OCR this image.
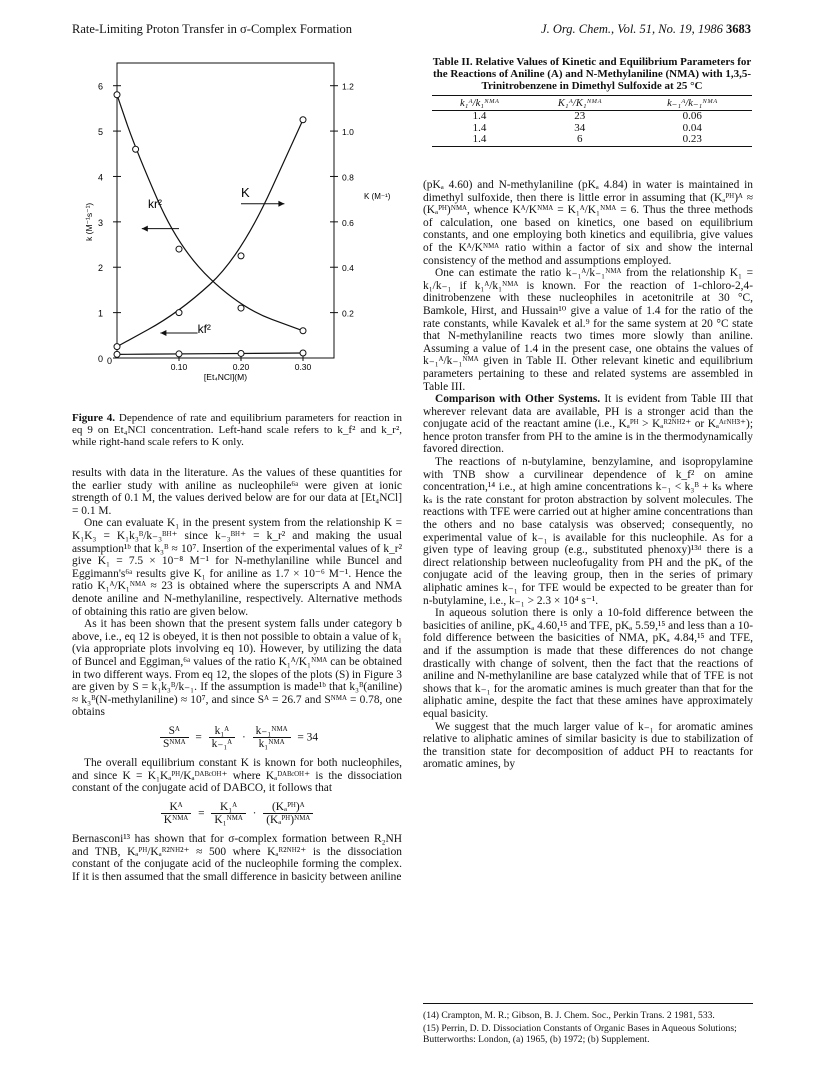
Rate-Limiting Proton Transfer in σ-Complex Formation	J. Org. Chem., Vol. 51, No. 19, 1986 3683
6
5
4
3
2
1
0
1.2
1.0
0.8
0.6
0.4
0.2
0.10	0.20	0.30
0
[Et₄NCl](M)
k (M⁻¹s⁻¹)
K (M⁻¹)
kr²
K
kf²
Figure 4. Dependence of rate and equilibrium parameters for reaction in eq 9 on Et₄NCl concentration. Left-hand scale refers to k_f² and k_r², while right-hand scale refers to K only.
Table II. Relative Values of Kinetic and Equilibrium Parameters for the Reactions of Aniline (A) and N-Methylaniline (NMA) with 1,3,5-Trinitrobenzene in Dimethyl Sulfoxide at 25 °C
k₁ᴬ/k₁ᴺᴹᴬ	K₁ᴬ/K₁ᴺᴹᴬ	k₋₁ᴬ/k₋₁ᴺᴹᴬ
1.4	23	0.06
1.4	34	0.04
1.4	6	0.23

results with data in the literature. As the values of these quantities for the earlier study with aniline as nucleophile⁶ᵃ were given at ionic strength of 0.1 M, the values derived below are for our data at [Et₄NCl] = 0.1 M.

One can evaluate K₁ in the present system from the relationship K = K₁K₃ = K₁k₃ᴮ/k₋₃ᴮᴴ⁺ since k₋₃ᴮᴴ⁺ = k_r² and making the usual assumption¹ᵇ that k₃ᴮ ≈ 10⁷. Insertion of the experimental values of k_r² give K₁ = 7.5 × 10⁻⁸ M⁻¹ for N-methylaniline while Buncel and Eggimann's⁶ᵃ results give K₁ for aniline as 1.7 × 10⁻⁶ M⁻¹. Hence the ratio K₁ᴬ/K₁ᴺᴹᴬ ≈ 23 is obtained where the superscripts A and NMA denote aniline and N-methylaniline, respectively. Alternative methods of obtaining this ratio are given below.

As it has been shown that the present system falls under category b above, i.e., eq 12 is obeyed, it is then not possible to obtain a value of k₁ (via appropriate plots involving eq 10). However, by utilizing the data of Buncel and Eggiman,⁶ᵃ values of the ratio K₁ᴬ/K₁ᴺᴹᴬ can be obtained in two different ways. From eq 12, the slopes of the plots (S) in Figure 3 are given by S = k₁k₃ᴮ/k₋₁. If the assumption is made¹ᵇ that k₃ᴮ(aniline) ≈ k₃ᴮ(N-methylaniline) ≈ 10⁷, and since Sᴬ = 26.7 and Sᴺᴹᴬ = 0.78, one obtains

$\frac{\text{Sᴬ}}{\text{Sᴺᴹᴬ}} = \frac{\text{k₁ᴬ}}{\text{k₋₁ᴬ}} \cdot \frac{\text{k₋₁ᴺᴹᴬ}}{\text{k₁ᴺᴹᴬ}} = 34$

The overall equilibrium constant K is known for both nucleophiles, and since K = K₁Kₐᴾᴴ/Kₐᴰᴬᴮᶜᴼᴴ⁺ where Kₐᴰᴬᴮᶜᴼᴴ⁺ is the dissociation constant of the conjugate acid of DABCO, it follows that

$\frac{\text{Kᴬ}}{\text{Kᴺᴹᴬ}} = \frac{\text{K₁ᴬ}}{\text{K₁ᴺᴹᴬ}} \cdot \frac{\text{(Kₐᴾᴴ)ᴬ}}{\text{(Kₐᴾᴴ)ᴺᴹᴬ}}$

Bernasconi¹³ has shown that for σ-complex formation between R₂NH and TNB, Kₐᴾᴴ/Kₐᴿ²ᴺᴴ²⁺ ≈ 500 where Kₐᴿ²ᴺᴴ²⁺ is the dissociation constant of the conjugate acid of the nucleophile forming the complex. If it is then assumed that the small difference in basicity between aniline

(pKₐ 4.60) and N-methylaniline (pKₐ 4.84) in water is maintained in dimethyl sulfoxide, then there is little error in assuming that (Kₐᴾᴴ)ᴬ ≈ (Kₐᴾᴴ)ᴺᴹᴬ, whence Kᴬ/Kᴺᴹᴬ = K₁ᴬ/K₁ᴺᴹᴬ = 6. Thus the three methods of calculation, one based on kinetics, one based on equilibrium constants, and one employing both kinetics and equilibria, give values of the Kᴬ/Kᴺᴹᴬ ratio within a factor of six and show the internal consistency of the method and assumptions employed.

One can estimate the ratio k₋₁ᴬ/k₋₁ᴺᴹᴬ from the relationship K₁ = k₁/k₋₁ if k₁ᴬ/k₁ᴺᴹᴬ is known. For the reaction of 1-chloro-2,4-dinitrobenzene with these nucleophiles in acetonitrile at 30 °C, Bamkole, Hirst, and Hussain¹⁰ give a value of 1.4 for the ratio of the rate constants, while Kavalek et al.⁹ for the same system at 20 °C state that N-methylaniline reacts two times more slowly than aniline. Assuming a value of 1.4 in the present case, one obtains the values of k₋₁ᴬ/k₋₁ᴺᴹᴬ given in Table II. Other relevant kinetic and equilibrium parameters pertaining to these and related systems are assembled in Table III.

Comparison with Other Systems. It is evident from Table III that wherever relevant data are available, PH is a stronger acid than the conjugate acid of the reactant amine (i.e., Kₐᴾᴴ > Kₐᴿ²ᴺᴴ²⁺ or Kₐᴬʳᴺᴴ³⁺); hence proton transfer from PH to the amine is in the thermodynamically favored direction.

The reactions of n-butylamine, benzylamine, and isopropylamine with TNB show a curvilinear dependence of k_f² on amine concentration,¹⁴ i.e., at high amine concentrations k₋₁ < k₃ᴮ + kₛ where kₛ is the rate constant for proton abstraction by solvent molecules. The reactions with TFE were carried out at higher amine concentrations than the others and no base catalysis was observed; consequently, no experimental value of k₋₁ is available for this nucleophile. As for a given type of leaving group (e.g., substituted phenoxy)¹³ᵈ there is a direct relationship between nucleofugality from PH and the pKₐ of the conjugate acid of the leaving group, then in the series of primary aliphatic amines k₋₁ for TFE would be expected to be greater than for n-butylamine, i.e., k₋₁ > 2.3 × 10⁴ s⁻¹.

In aqueous solution there is only a 10-fold difference between the basicities of aniline, pKₐ 4.60,¹⁵ and TFE, pKₐ 5.59,¹⁵ and less than a 10-fold difference between the basicities of NMA, pKₐ 4.84,¹⁵ and TFE, and if the assumption is made that these differences do not change drastically with change of solvent, then the fact that the reactions of aniline and N-methylaniline are base catalyzed while that of TFE is not shows that k₋₁ for the aromatic amines is much greater than that for the aliphatic amine, despite the fact that these amines have approximately equal basicity.

We suggest that the much larger value of k₋₁ for aromatic amines relative to aliphatic amines of similar basicity is due to stabilization of the transition state for decomposition of adduct PH to reactants for aromatic amines, by

(14) Crampton, M. R.; Gibson, B. J. Chem. Soc., Perkin Trans. 2 1981, 533.
(15) Perrin, D. D. Dissociation Constants of Organic Bases in Aqueous Solutions; Butterworths: London, (a) 1965, (b) 1972; (b) Supplement.
